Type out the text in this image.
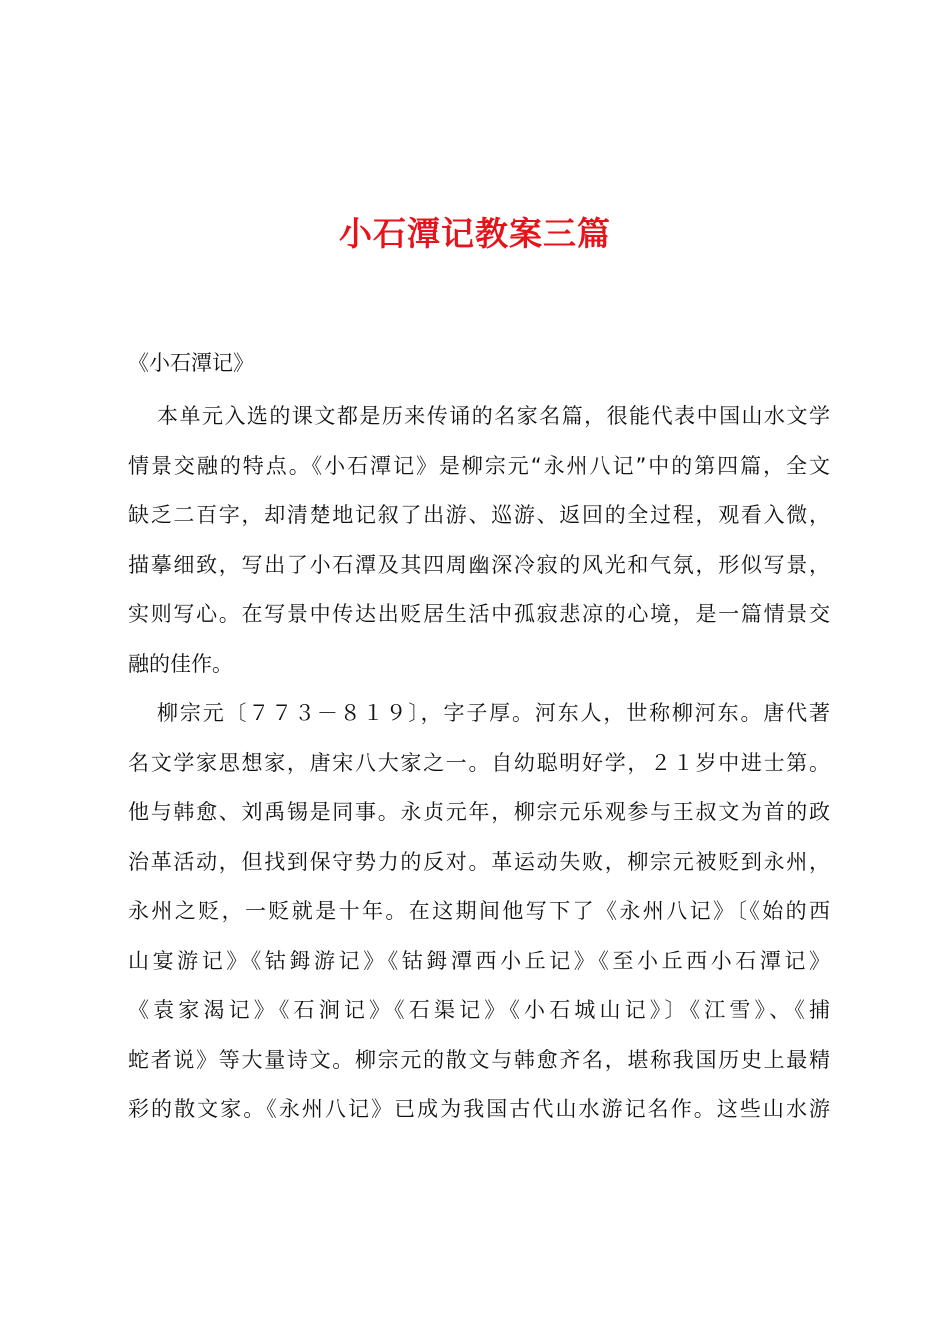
小石潭记教案三篇
《小石潭记》
本单元入选的课文都是历来传诵的名家名篇，很能代表中国山水文学
情景交融的特点。《小石潭记》是柳宗元“永州八记”中的第四篇，全文
缺乏二百字，却清楚地记叙了出游、巡游、返回的全过程，观看入微，
描摹细致，写出了小石潭及其四周幽深冷寂的风光和气氛，形似写景，
实则写心。在写景中传达出贬居生活中孤寂悲凉的心境，是一篇情景交
融的佳作。
柳宗元〔７７３－８１９〕，字子厚。河东人，世称柳河东。唐代著
名文学家思想家，唐宋八大家之一。自幼聪明好学，２１岁中进士第。
他与韩愈、刘禹锡是同事。永贞元年，柳宗元乐观参与王叔文为首的政
治革活动，但找到保守势力的反对。革运动失败，柳宗元被贬到永州，
永州之贬，一贬就是十年。在这期间他写下了《永州八记》〔《始的西
山宴游记》《钴鉧游记》《钴鉧潭西小丘记》《至小丘西小石潭记》
《袁家渴记》《石涧记》《石渠记》《小石城山记》〕《江雪》、《捕
蛇者说》等大量诗文。柳宗元的散文与韩愈齐名，堪称我国历史上最精
彩的散文家。《永州八记》已成为我国古代山水游记名作。这些山水游
